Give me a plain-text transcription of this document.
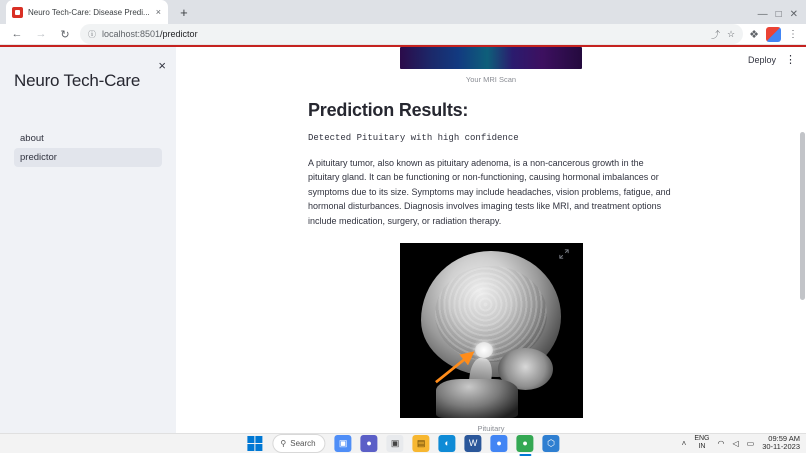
Neuro Tech-Care: Disease Predi... ×	+	— □ ✕
←	→	↻	ⓘ localhost:8501/predictor	⤴ ☆ ❖	⋮
×
Neuro Tech-Care
about
predictor
Deploy ⋮
Your MRI Scan
Prediction Results:
Detected Pituitary with high confidence

A pituitary tumor, also known as pituitary adenoma, is a non-cancerous growth in the pituitary gland. It can be functioning or non-functioning, causing hormonal imbalances or symptoms due to its size. Symptoms may include headaches, vision problems, fatigue, and hormonal disturbances. Diagnosis involves imaging tests like MRI, and treatment options include medication, surgery, or radiation therapy.

Pituitary
⚲ Search	▣	●	▣	▤	◐	W	●	●	⬡	˄
ENG
IN	◠ ◁ ▭
09:59 AM
30-11-2023
